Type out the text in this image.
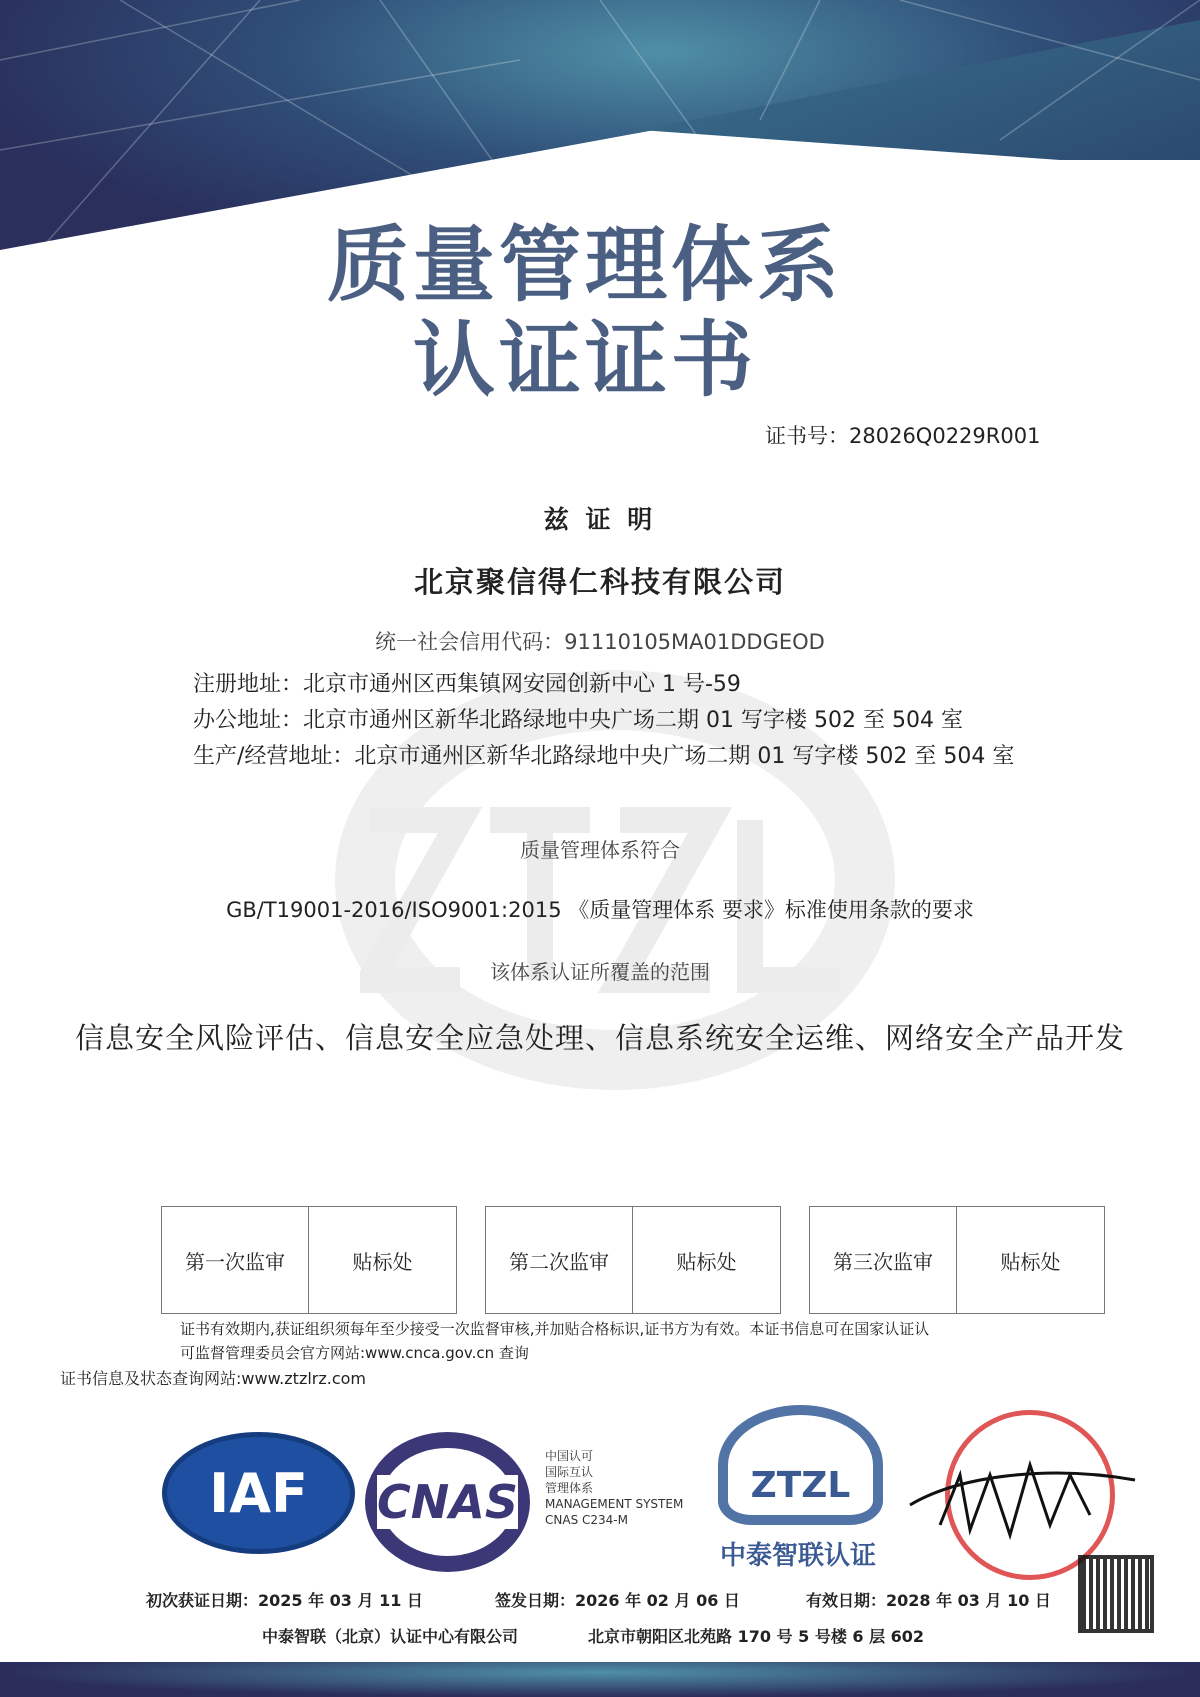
质量管理体系
认证证书
证书号：28026Q0229R001
兹 证 明
北京聚信得仁科技有限公司
统一社会信用代码：91110105MA01DDGEOD
注册地址：北京市通州区西集镇网安园创新中心 1 号-59
办公地址：北京市通州区新华北路绿地中央广场二期 01 写字楼 502 至 504 室
生产/经营地址：北京市通州区新华北路绿地中央广场二期 01 写字楼 502 至 504 室
质量管理体系符合
GB/T19001-2016/ISO9001:2015 《质量管理体系 要求》标准使用条款的要求
该体系认证所覆盖的范围
信息安全风险评估、信息安全应急处理、信息系统安全运维、网络安全产品开发
第一次监审	贴标处	第二次监审	贴标处	第三次监审	贴标处
证书有效期内,获证组织须每年至少接受一次监督审核,并加贴合格标识,证书方为有效。本证书信息可在国家认证认
可监督管理委员会官方网站:www.cnca.gov.cn 查询
证书信息及状态查询网站:www.ztzlrz.com
IAF CNAS
中国认可
国际互认
管理体系
MANAGEMENT SYSTEM
CNAS C234-M
ZTZL
中泰智联认证
初次获证日期：2025 年 03 月 11 日	签发日期：2026 年 02 月 06 日	有效日期：2028 年 03 月 10 日
中泰智联（北京）认证中心有限公司	北京市朝阳区北苑路 170 号 5 号楼 6 层 602
